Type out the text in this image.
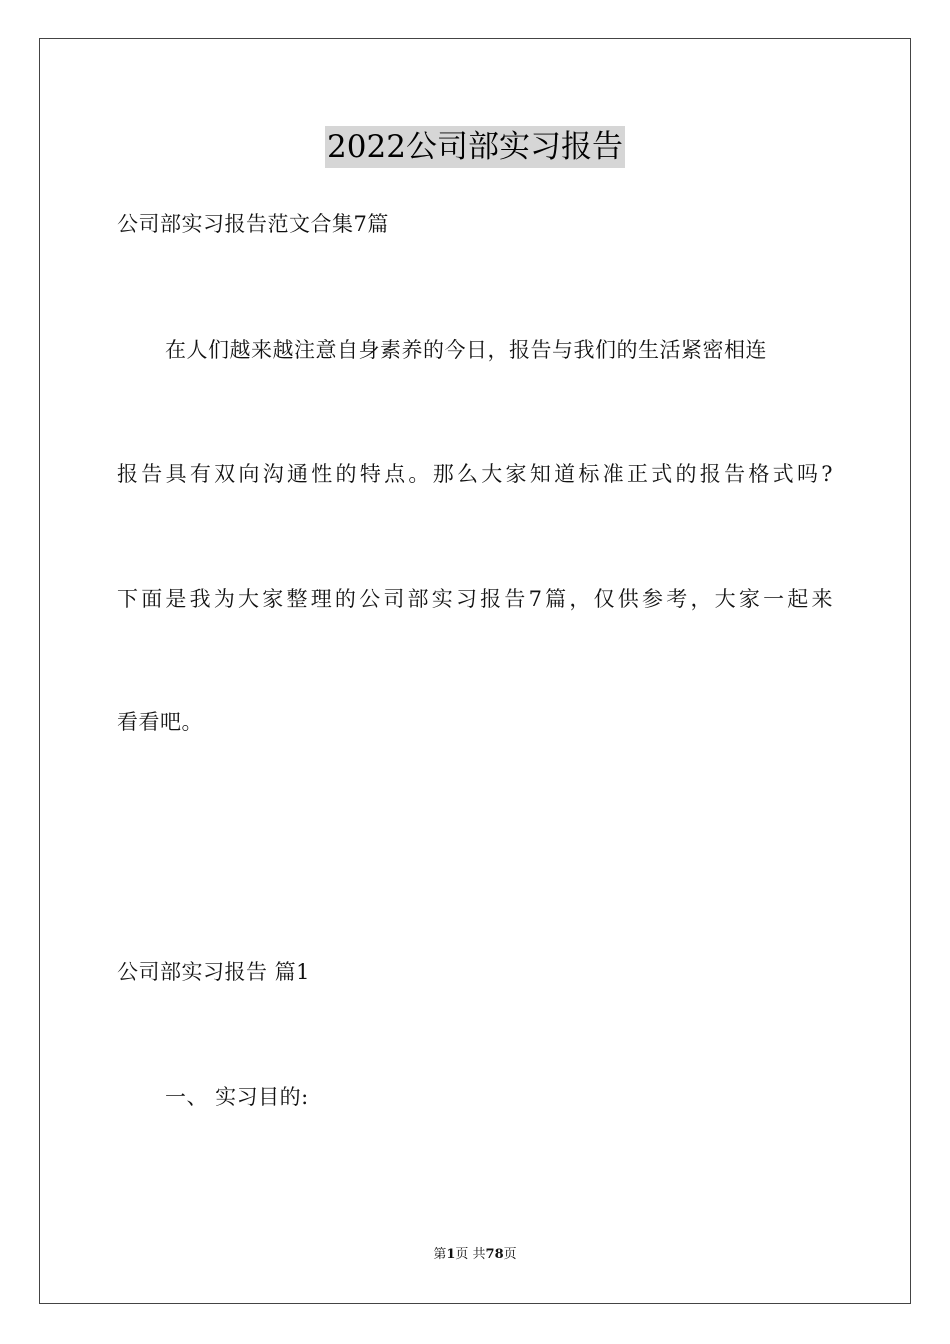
2022公司部实习报告
公司部实习报告范文合集7篇
在人们越来越注意自身素养的今日，报告与我们的生活紧密相连
报告具有双向沟通性的特点。那么大家知道标准正式的报告格式吗?
下面是我为大家整理的公司部实习报告7篇，仅供参考，大家一起来
看看吧。
公司部实习报告 篇1
一、 实习目的:
第1页 共78页
